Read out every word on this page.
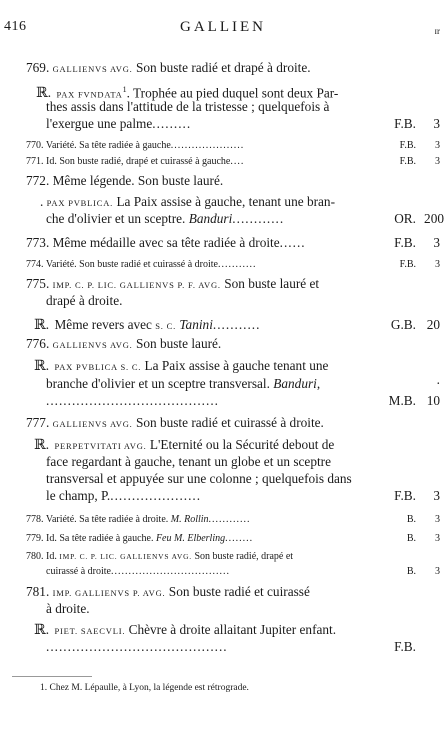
416	GALLIEN	ɪr
769. GALLIENVS AVG. Son buste radié et drapé à droite.
ℝ. PAX FVNDATA$^1$. Trophée au pied duquel sont deux Par-
thes assis dans l'attitude de la tristesse ; quelquefois à
l'exergue une palme.........	F.B.	3
770. Variété. Sa tête radiée à gauche.....................	F.B.	3
771. Id. Son buste radié, drapé et cuirassé à gauche....	F.B.	3
772. Même légende. Son buste lauré.
. PAX PVBLICA. La Paix assise à gauche, tenant une bran-
che d'olivier et un sceptre. Banduri............	OR. 200
773. Même médaille avec sa tête radiée à droite......	F.B.	3
774. Variété. Son buste radié et cuirassé à droite...........	F.B.	3
775. IMP. C. P. LIC. GALLIENVS P. F. AVG. Son buste lauré et
drapé à droite.
ℝ. Même revers avec S. C. Tanini...........	G.B. 20
776. GALLIENVS AVG. Son buste lauré.
ℝ. PAX PVBLICA S. C. La Paix assise à gauche tenant une
branche d'olivier et un sceptre transversal. Banduri,	.
........................................	M.B. 10
777. GALLIENVS AVG. Son buste radié et cuirassé à droite.
ℝ. PERPETVITATI AVG. L'Eternité ou la Sécurité debout de
face regardant à gauche, tenant un globe et un sceptre
transversal et appuyée sur une colonne ; quelquefois dans
le champ, P......................	F.B.	3
778. Variété. Sa tête radiée à droite. M. Rollin............	B.	3
779. Id. Sa tête radiée à gauche. Feu M. Elberling........	B.	3
780. Id. IMP. C. P. LIC. GALLIENVS AVG. Son buste radié, drapé et
cuirassé à droite..................................	B.	3
781. IMP. GALLIENVS P. AVG. Son buste radié et cuirassé
à droite.
ℝ. PIET. SAECVLI. Chèvre à droite allaitant Jupiter enfant.
..........................................	F.B.
1. Chez M. Lépaulle, à Lyon, la légende est rétrograde.
